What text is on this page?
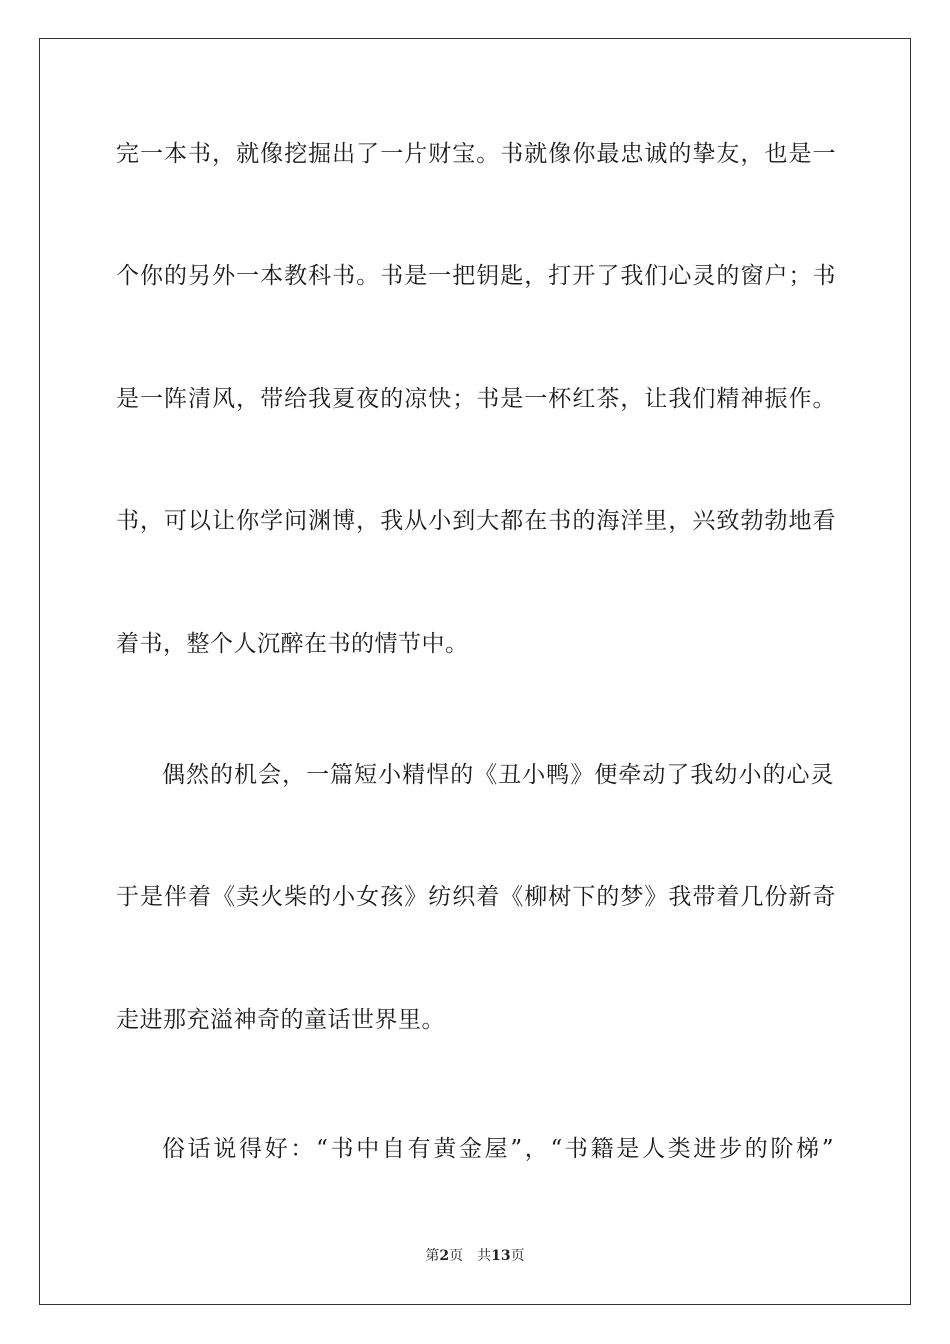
完一本书，就像挖掘出了一片财宝。书就像你最忠诚的挚友，也是一
个你的另外一本教科书。书是一把钥匙，打开了我们心灵的窗户；书
是一阵清风，带给我夏夜的凉快；书是一杯红茶，让我们精神振作。
书，可以让你学问渊博，我从小到大都在书的海洋里，兴致勃勃地看
着书，整个人沉醉在书的情节中。
偶然的机会，一篇短小精悍的《丑小鸭》便牵动了我幼小的心灵
于是伴着《卖火柴的小女孩》纺织着《柳树下的梦》我带着几份新奇
走进那充溢神奇的童话世界里。
俗话说得好：“书中自有黄金屋”，“书籍是人类进步的阶梯”
第2页 共13页
